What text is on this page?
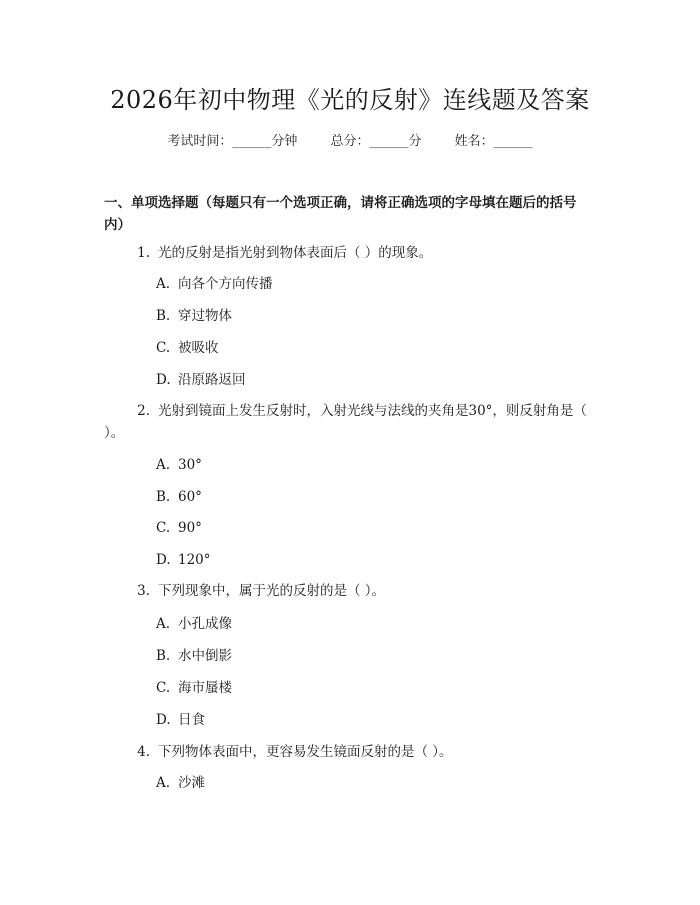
2026年初中物理《光的反射》连线题及答案
考试时间：______分钟	总分：______分	姓名：______

一、单项选择题（每题只有一个选项正确，请将正确选项的字母填在题后的括号内）

1. 光的反射是指光射到物体表面后（ ）的现象。
A. 向各个方向传播
B. 穿过物体
C. 被吸收
D. 沿原路返回
2. 光射到镜面上发生反射时，入射光线与法线的夹角是30°，则反射角是（ ）。
A. 30°
B. 60°
C. 90°
D. 120°
3. 下列现象中，属于光的反射的是（ ）。
A. 小孔成像
B. 水中倒影
C. 海市蜃楼
D. 日食
4. 下列物体表面中，更容易发生镜面反射的是（ ）。
A. 沙滩
